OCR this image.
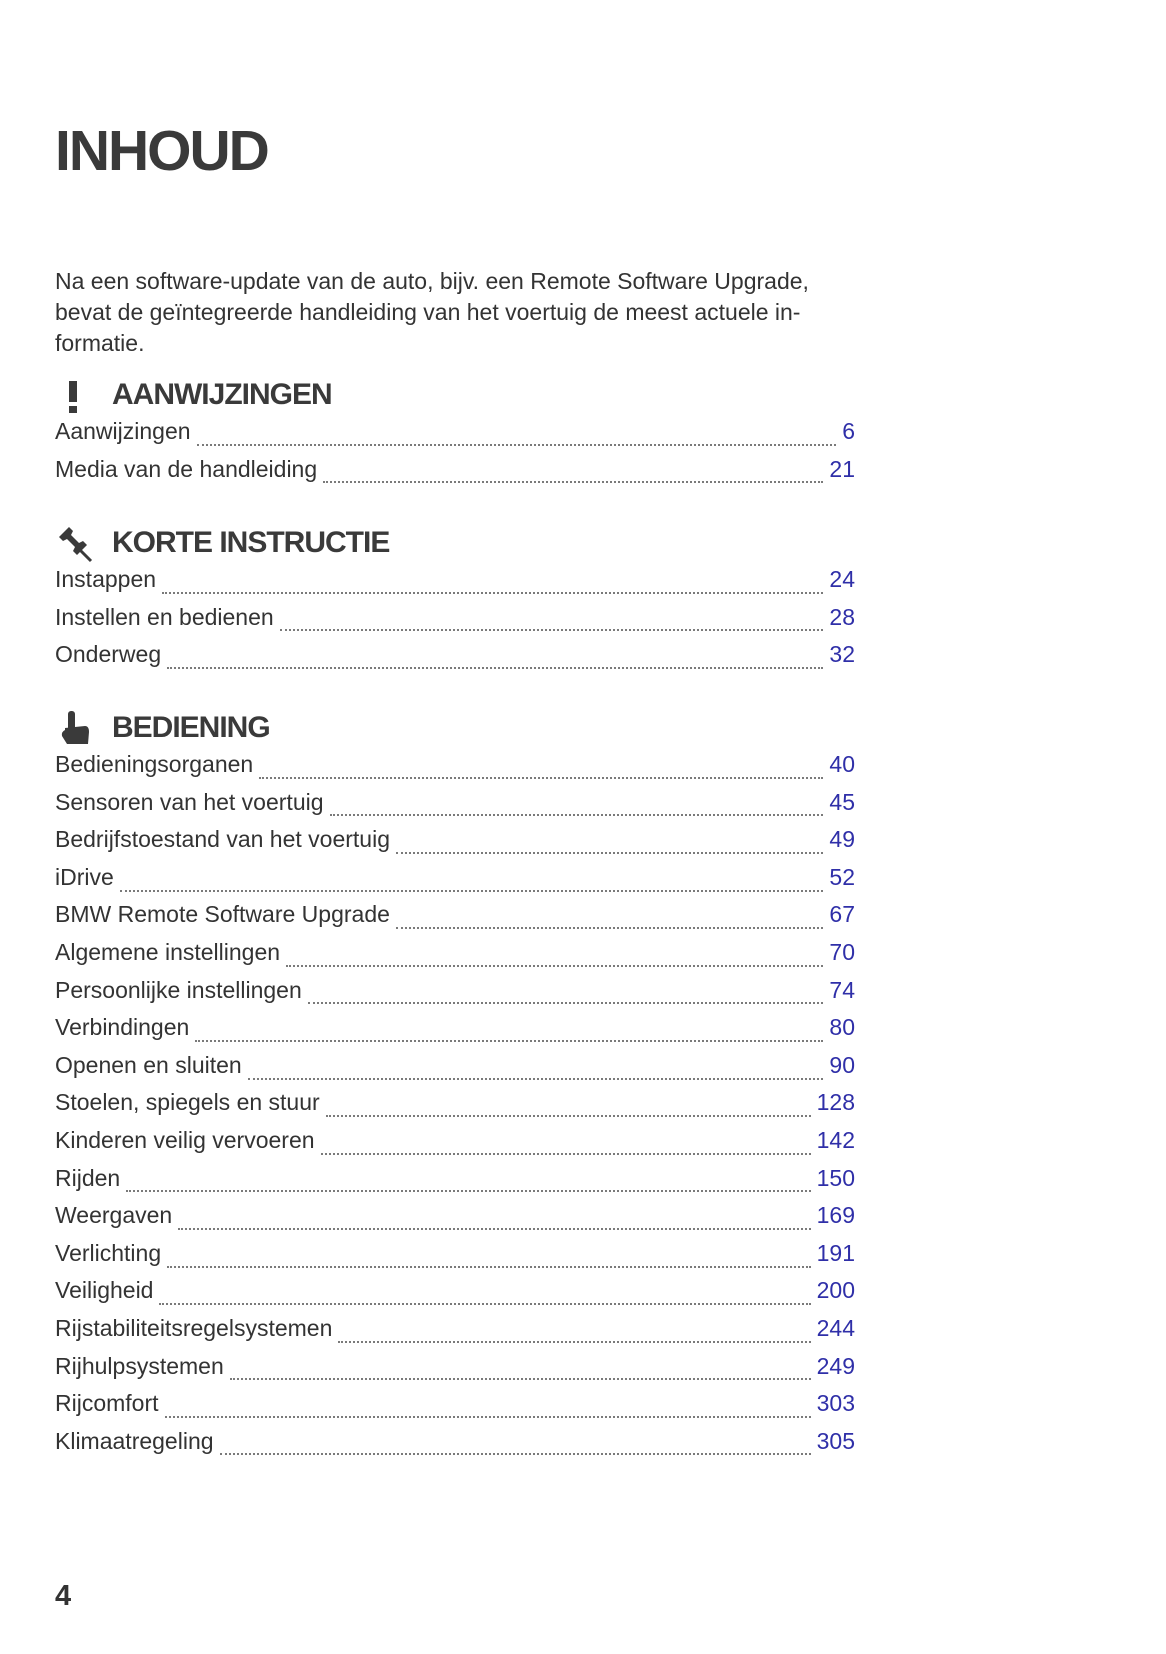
INHOUD

Na een software-update van de auto, bijv. een Remote Software Upgrade,
bevat de geïntegreerde handleiding van het voertuig de meest actuele in-
formatie.

AANWIJZINGEN
Aanwijzingen	6
Media van de handleiding	21
KORTE INSTRUCTIE
Instappen	24
Instellen en bedienen	28
Onderweg	32
BEDIENING
Bedieningsorganen	40
Sensoren van het voertuig	45
Bedrijfstoestand van het voertuig	49
iDrive	52
BMW Remote Software Upgrade	67
Algemene instellingen	70
Persoonlijke instellingen	74
Verbindingen	80
Openen en sluiten	90
Stoelen, spiegels en stuur	128
Kinderen veilig vervoeren	142
Rijden	150
Weergaven	169
Verlichting	191
Veiligheid	200
Rijstabiliteitsregelsystemen	244
Rijhulpsystemen	249
Rijcomfort	303
Klimaatregeling	305
4
